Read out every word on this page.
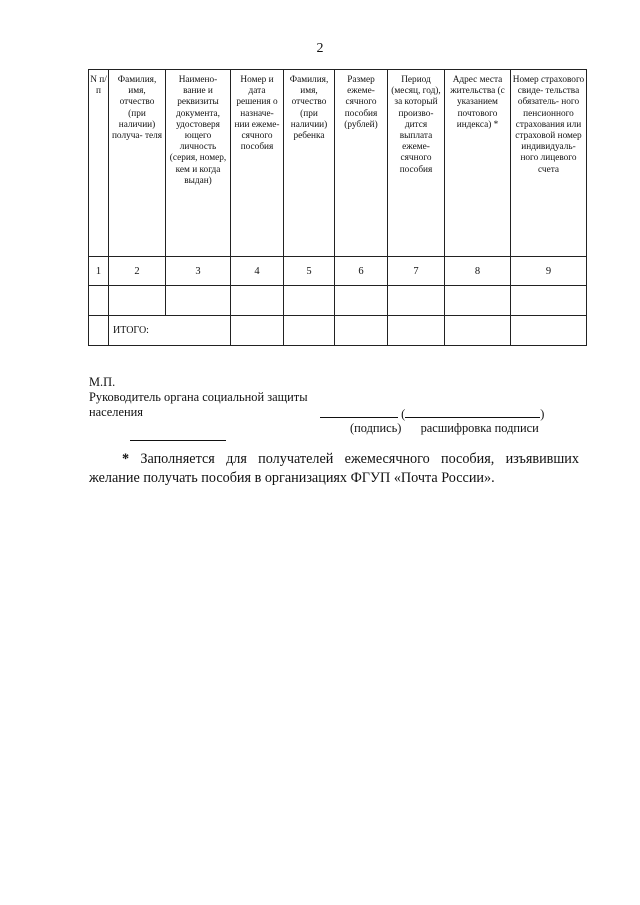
2
N п/ п	Фамилия, имя, отчество (при наличии) получа- теля	Наимено- вание и реквизиты документа, удостоверя ющего личность (серия, номер, кем и когда выдан)	Номер и дата решения о назначе- нии ежеме- сячного пособия	Фамилия, имя, отчество (при наличии) ребенка	Размер ежеме- сячного пособия (рублей)	Период (месяц, год), за который произво- дится выплата ежеме- сячного пособия	Адрес места жительства (с указанием почтового индекса) *	Номер страхового свиде- тельства обязатель- ного пенсионного страхования или страховой номер индивидуаль- ного лицевого счета

1	2	3	4	5	6	7	8	9

	ИТОГО:							
М.П.
Руководитель органа социальной защиты
населения	(	)
(подпись) расшифровка подписи
* Заполняется для получателей ежемесячного пособия, изъявивших желание получать пособия в организациях ФГУП «Почта России».
